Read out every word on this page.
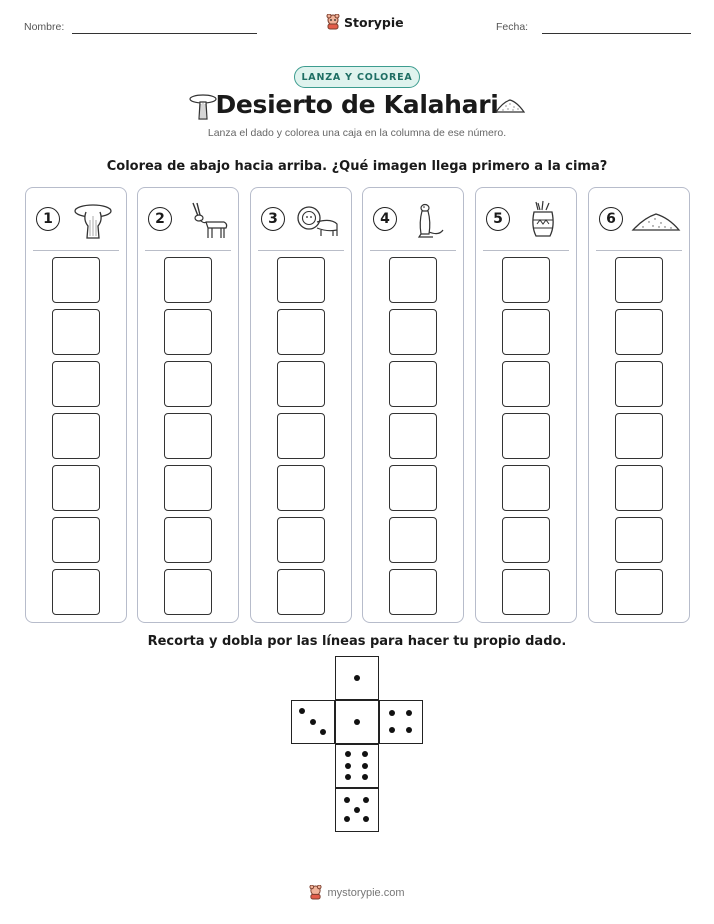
Nombre:	Storypie	Fecha:
LANZA Y COLOREA
Desierto de Kalahari
Lanza el dado y colorea una caja en la columna de ese número.
Colorea de abajo hacia arriba. ¿Qué imagen llega primero a la cima?
1	2	3	4	5	6
Recorta y dobla por las líneas para hacer tu propio dado.
mystorypie.com
